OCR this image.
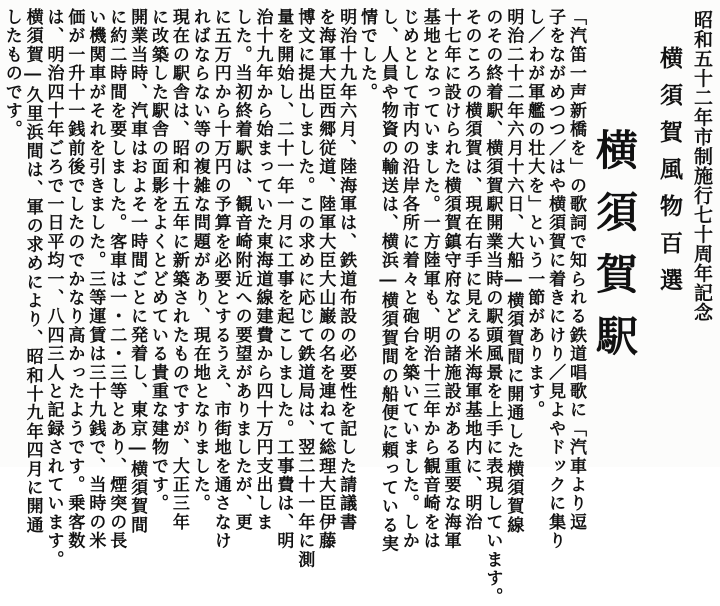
昭和五十二年市制施行七十周年記念
横須賀風物百選
横須賀駅
「汽笛一声新橋を」の歌詞で知られる鉄道唱歌に「汽車より逗
子をながめつつ／はや横須賀に着きにけり／見よやドックに集り
し／わが軍艦の壮大を」という一節があります。
明治二十二年六月十六日、大船―横須賀間に開通した横須賀線
のその終着駅、横須賀駅開業当時の駅頭風景を上手に表現しています。
そのころの横須賀は、現在右手に見える米海軍基地内に、明治
十七年に設けられた横須賀鎮守府などの諸施設がある重要な海軍
基地となっていました。一方陸軍も、明治十三年から観音崎をは
じめとして市内の沿岸各所に着々と砲台を築いていました。しか
し、人員や物資の輸送は、横浜―横須賀間の船便に頼っている実
情でした。
明治十九年六月、陸海軍は、鉄道布設の必要性を記した請議書
を海軍大臣西郷従道、陸軍大臣大山巌の名を連ねて総理大臣伊藤
博文に提出しました。この求めに応じて鉄道局は、翌二十一年に測
量を開始し、二十一年一月に工事を起こしました。工事費は、明
治十九年から始まっていた東海道線建費から四十万円支出しま
した。当初終着駅は、観音崎附近への要望がありましたが、更
に五万円から十万円の予算を必要とするうえ、市街地を通さなけ
ればならない等の複雑な問題があり、現在地となりました。
現在の駅舎は、昭和十五年に新築されたものですが、大正三年
に改築した駅舎の面影をよくとどめている貴重な建物です。
開業当時、汽車はおよそ一時間ごとに発着し、東京―横須賀間
に約二時間を要しました。客車は一・二・三等とあり、煙突の長
い機関車がそれを引きました。三等運賃は三十九銭で、当時の米
価が一升十一銭前後でしたのでかなり高かったようです。乗客数
は、明治四十年ごろで一日平均一、八四三人と記録されています。
横須賀―久里浜間は、軍の求めにより、昭和十九年四月に開通
したものです。
